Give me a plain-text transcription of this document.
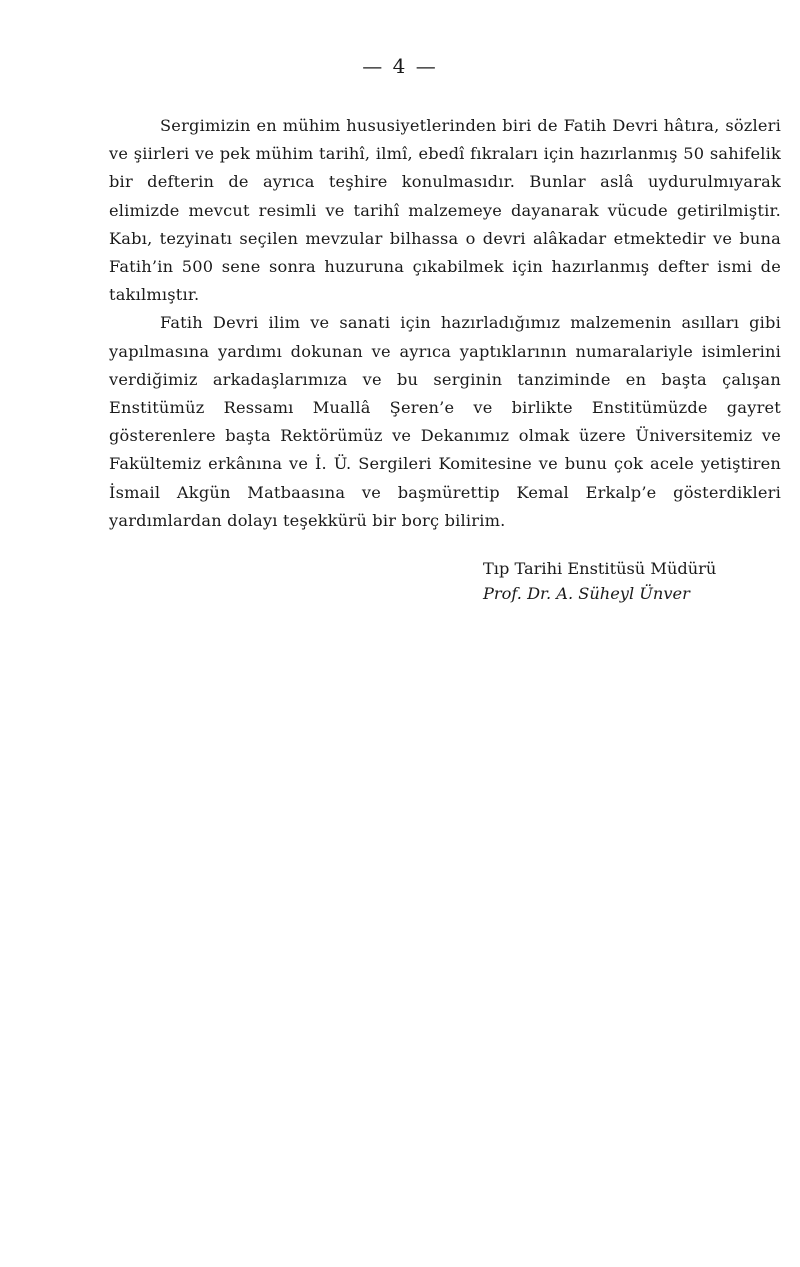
— 4 —

Sergimizin en mühim hususiyetlerinden biri de Fatih Devri hâtıra, sözleri ve şiirleri ve pek mühim tarihî, ilmî, ebedî fıkraları için hazırlanmış 50 sahifelik bir defterin de ayrıca teşhire konulmasıdır. Bunlar aslâ uydurulmıyarak elimizde mevcut resimli ve tarihî malzemeye dayanarak vücude getirilmiştir. Kabı, tezyinatı seçilen mevzular bilhassa o devri alâkadar etmektedir ve buna Fatih’in 500 sene sonra huzuruna çıkabilmek için hazırlanmış defter ismi de takılmıştır.

Fatih Devri ilim ve sanati için hazırladığımız malzemenin asılları gibi yapılmasına yardımı dokunan ve ayrıca yaptıklarının numaralariyle isimlerini verdiğimiz arkadaşlarımıza ve bu serginin tanziminde en başta çalışan Enstitümüz Ressamı Muallâ Şeren’e ve birlikte Enstitümüzde gayret gösterenlere başta Rektörümüz ve Dekanımız olmak üzere Üniversitemiz ve Fakültemiz erkânına ve İ. Ü. Sergileri Komitesine ve bunu çok acele yetiştiren İsmail Akgün Matbaasına ve başmürettip Kemal Erkalp’e gösterdikleri yardımlardan dolayı teşekkürü bir borç bilirim.

Tıp Tarihi Enstitüsü Müdürü
Prof. Dr. A. Süheyl Ünver
